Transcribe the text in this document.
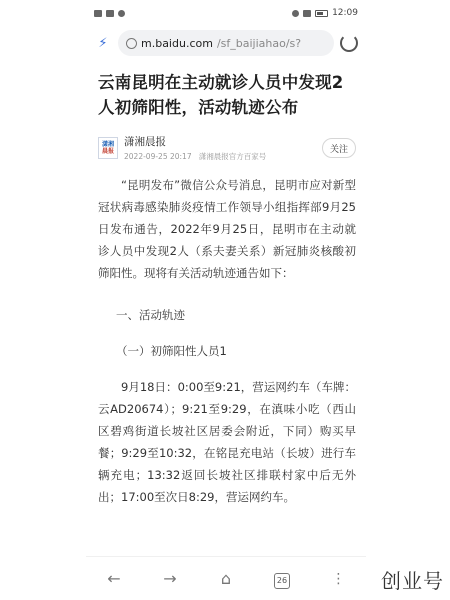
12:09
⚡	m.baidu.com /sf_baijiahao/s?
云南昆明在主动就诊人员中发现2人初筛阳性，活动轨迹公布
潇湘
晨报
潇湘晨报
2022-09-25 20:17 潇湘晨报官方百家号
关注

“昆明发布”微信公众号消息，昆明市应对新型冠状病毒感染肺炎疫情工作领导小组指挥部9月25日发布通告，2022年9月25日，昆明市在主动就诊人员中发现2人（系夫妻关系）新冠肺炎核酸初筛阳性。现将有关活动轨迹通告如下：

一、活动轨迹

（一）初筛阳性人员1

9月18日：0:00至9:21，营运网约车（车牌：云AD20674）；9:21至9:29，在滇味小吃（西山区碧鸡街道长坡社区居委会附近，下同）购买早餐；9:29至10:32，在铭昆充电站（长坡）进行车辆充电；13:32返回长坡社区排联村家中后无外出；17:00至次日8:29，营运网约车。

←	→	⌂	26	⋮	创业号
